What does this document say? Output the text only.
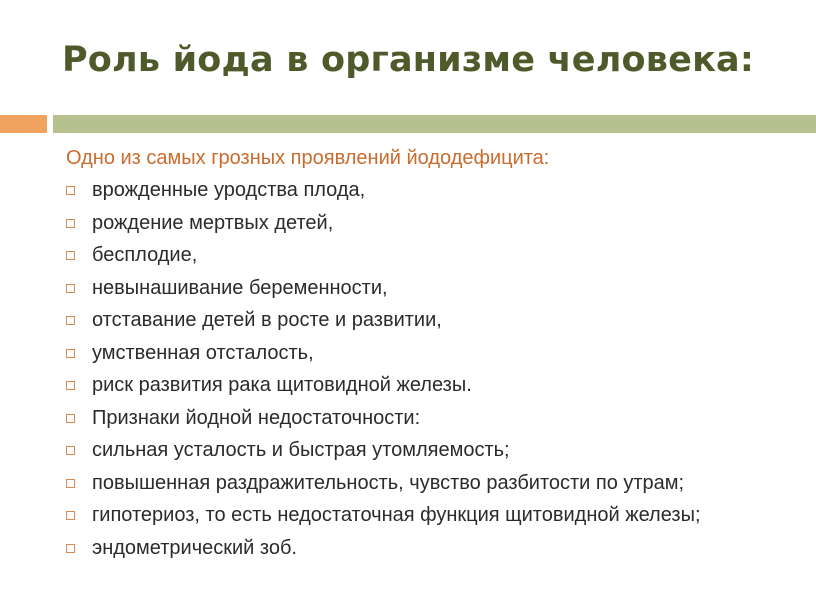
Роль йода в организме человека:
Одно из самых грозных проявлений йододефицита:
врожденные уродства плода,
рождение мертвых детей,
бесплодие,
невынашивание беременности,
отставание детей в росте и развитии,
умственная отсталость,
риск развития рака щитовидной железы.
Признаки йодной недостаточности:
сильная усталость и быстрая утомляемость;
повышенная раздражительность, чувство разбитости по утрам;
гипотериоз, то есть недостаточная функция щитовидной железы;
эндометрический зоб.
